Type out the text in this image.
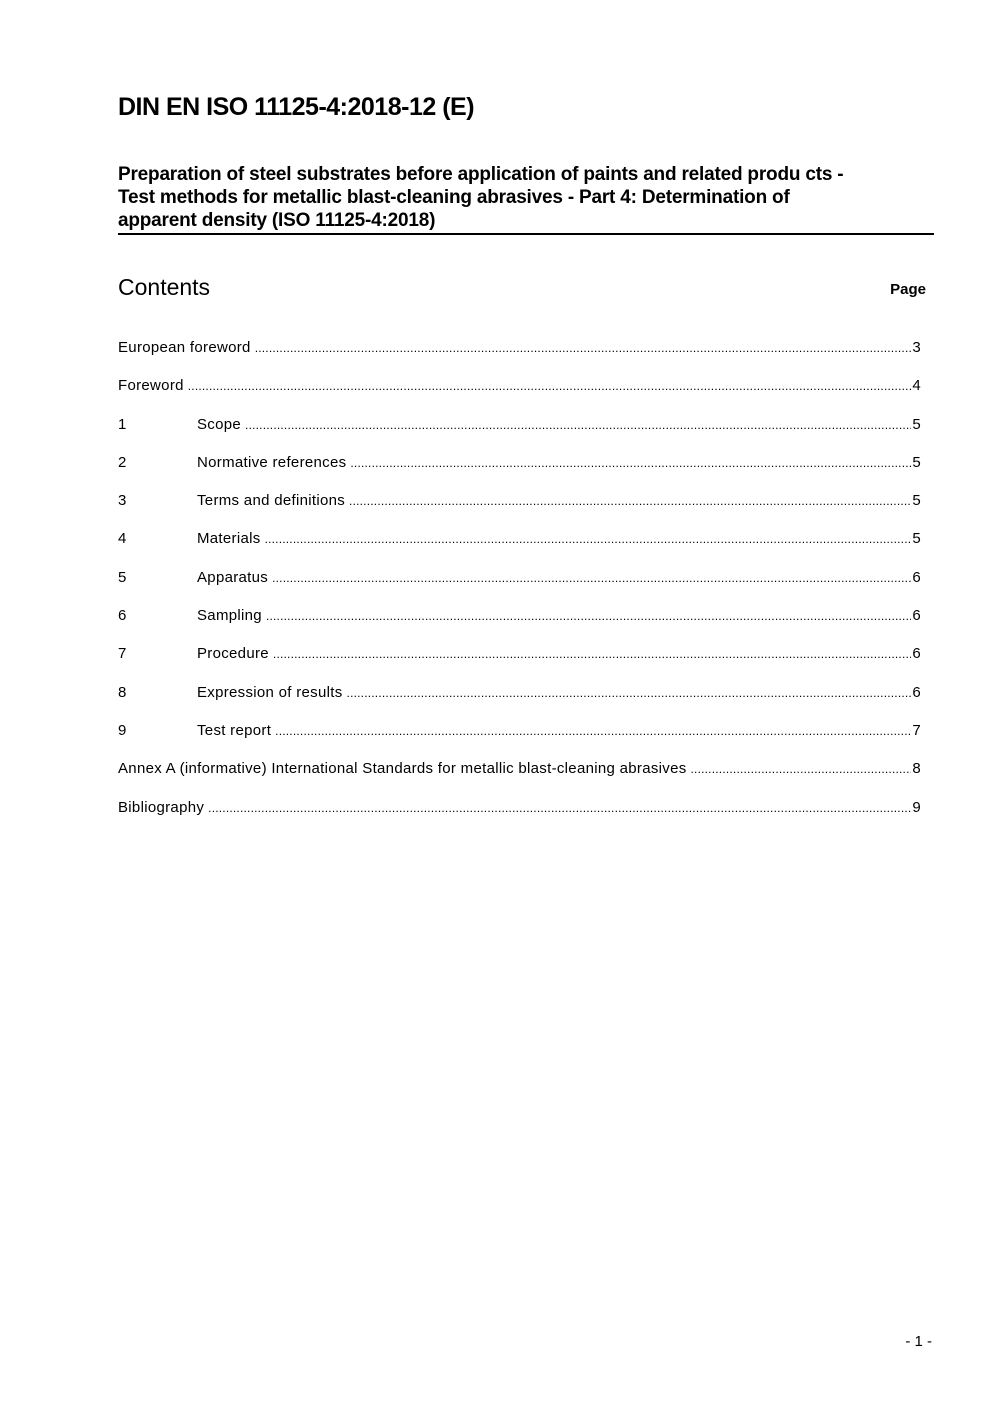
DIN EN ISO 11125-4:2018-12 (E)
Preparation of steel substrates before application of paints and related produ cts -
Test methods for metallic blast-cleaning abrasives - Part 4: Determination of
apparent density (ISO 11125-4:2018)
Contents	Page
European foreword .....	3
Foreword .....	4
1	Scope .....	5
2	Normative references .....	5
3	Terms and definitions .....	5
4	Materials .....	5
5	Apparatus .....	6
6	Sampling .....	6
7	Procedure .....	6
8	Expression of results .....	6
9	Test report .....	7
Annex A (informative) International Standards for metallic blast-cleaning abrasives .....	8
Bibliography .....	9
- 1 -
